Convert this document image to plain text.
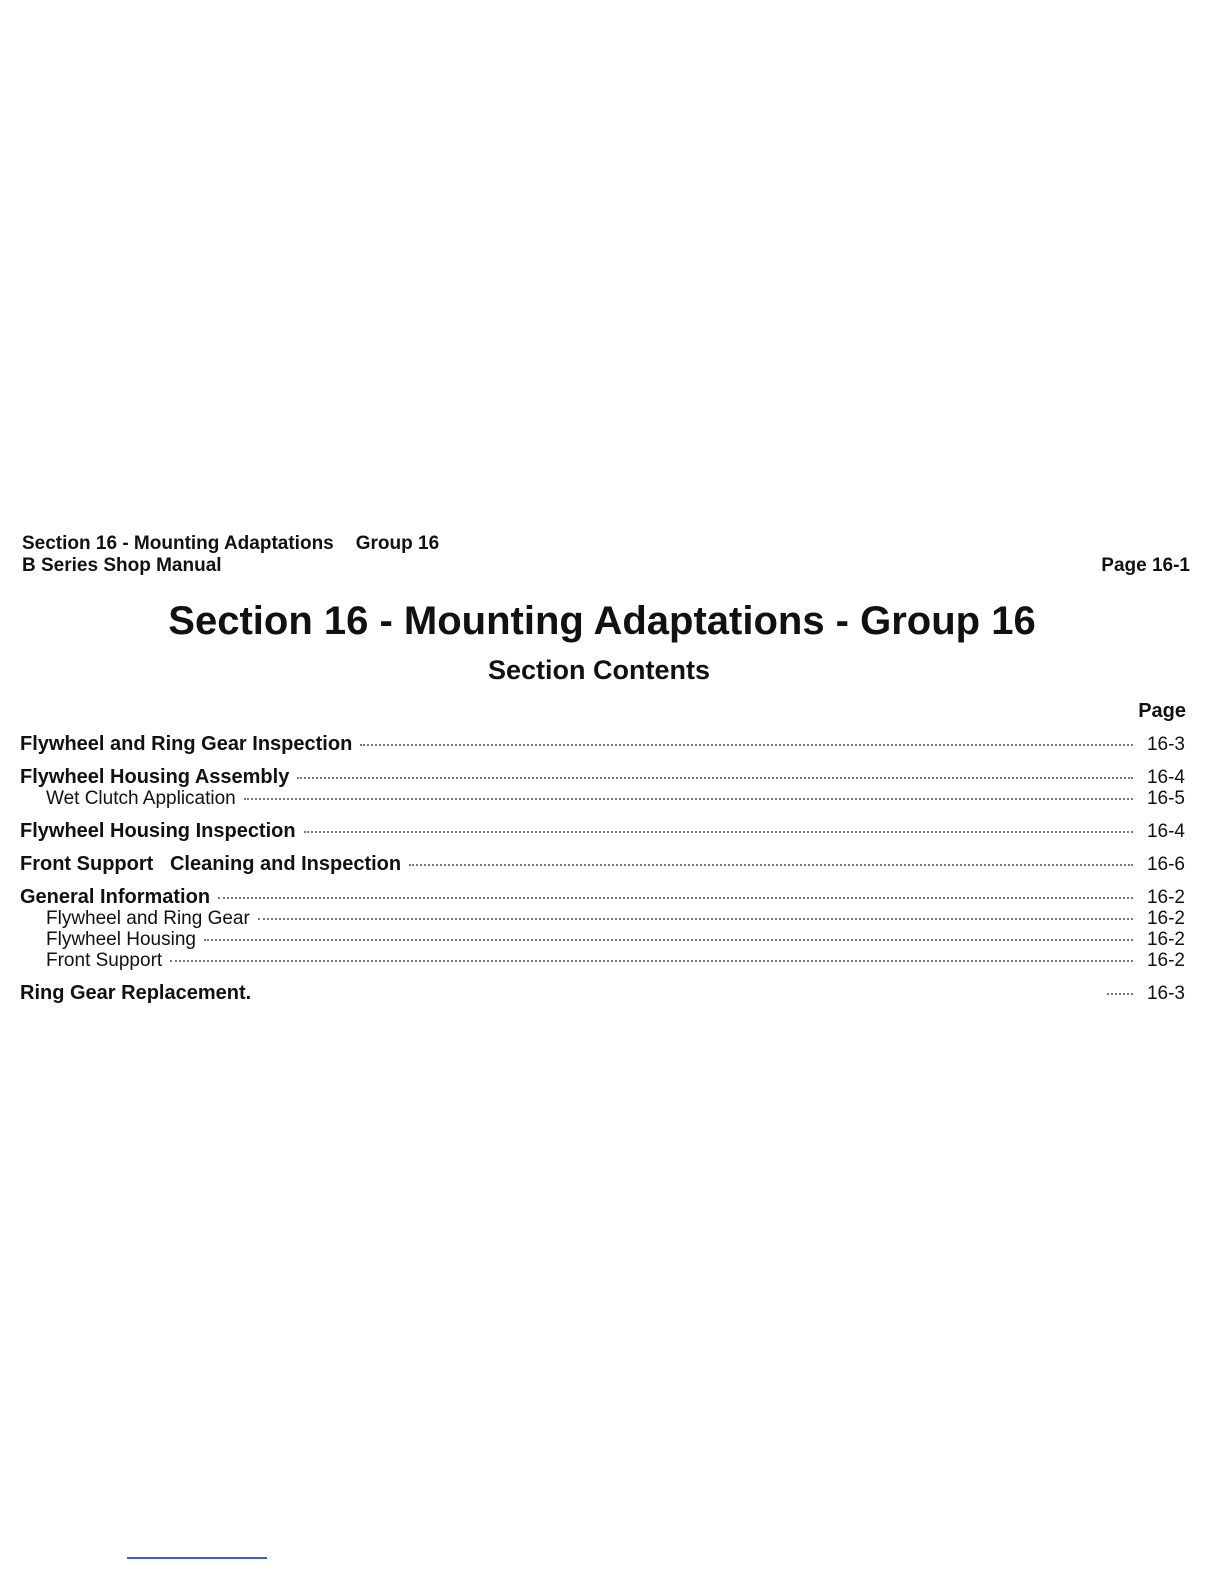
Section 16 - Mounting Adaptations Group 16
B Series Shop Manual	Page 16-1
Section 16 - Mounting Adaptations - Group 16
Section Contents
Page
Flywheel and Ring Gear Inspection	16-3
Flywheel Housing Assembly	16-4
Wet Clutch Application	16-5
Flywheel Housing Inspection	16-4
Front Support   Cleaning and Inspection	16-6
General Information	16-2
Flywheel and Ring Gear	16-2
Flywheel Housing	16-2
Front Support	16-2
Ring Gear Replacement.	16-3
